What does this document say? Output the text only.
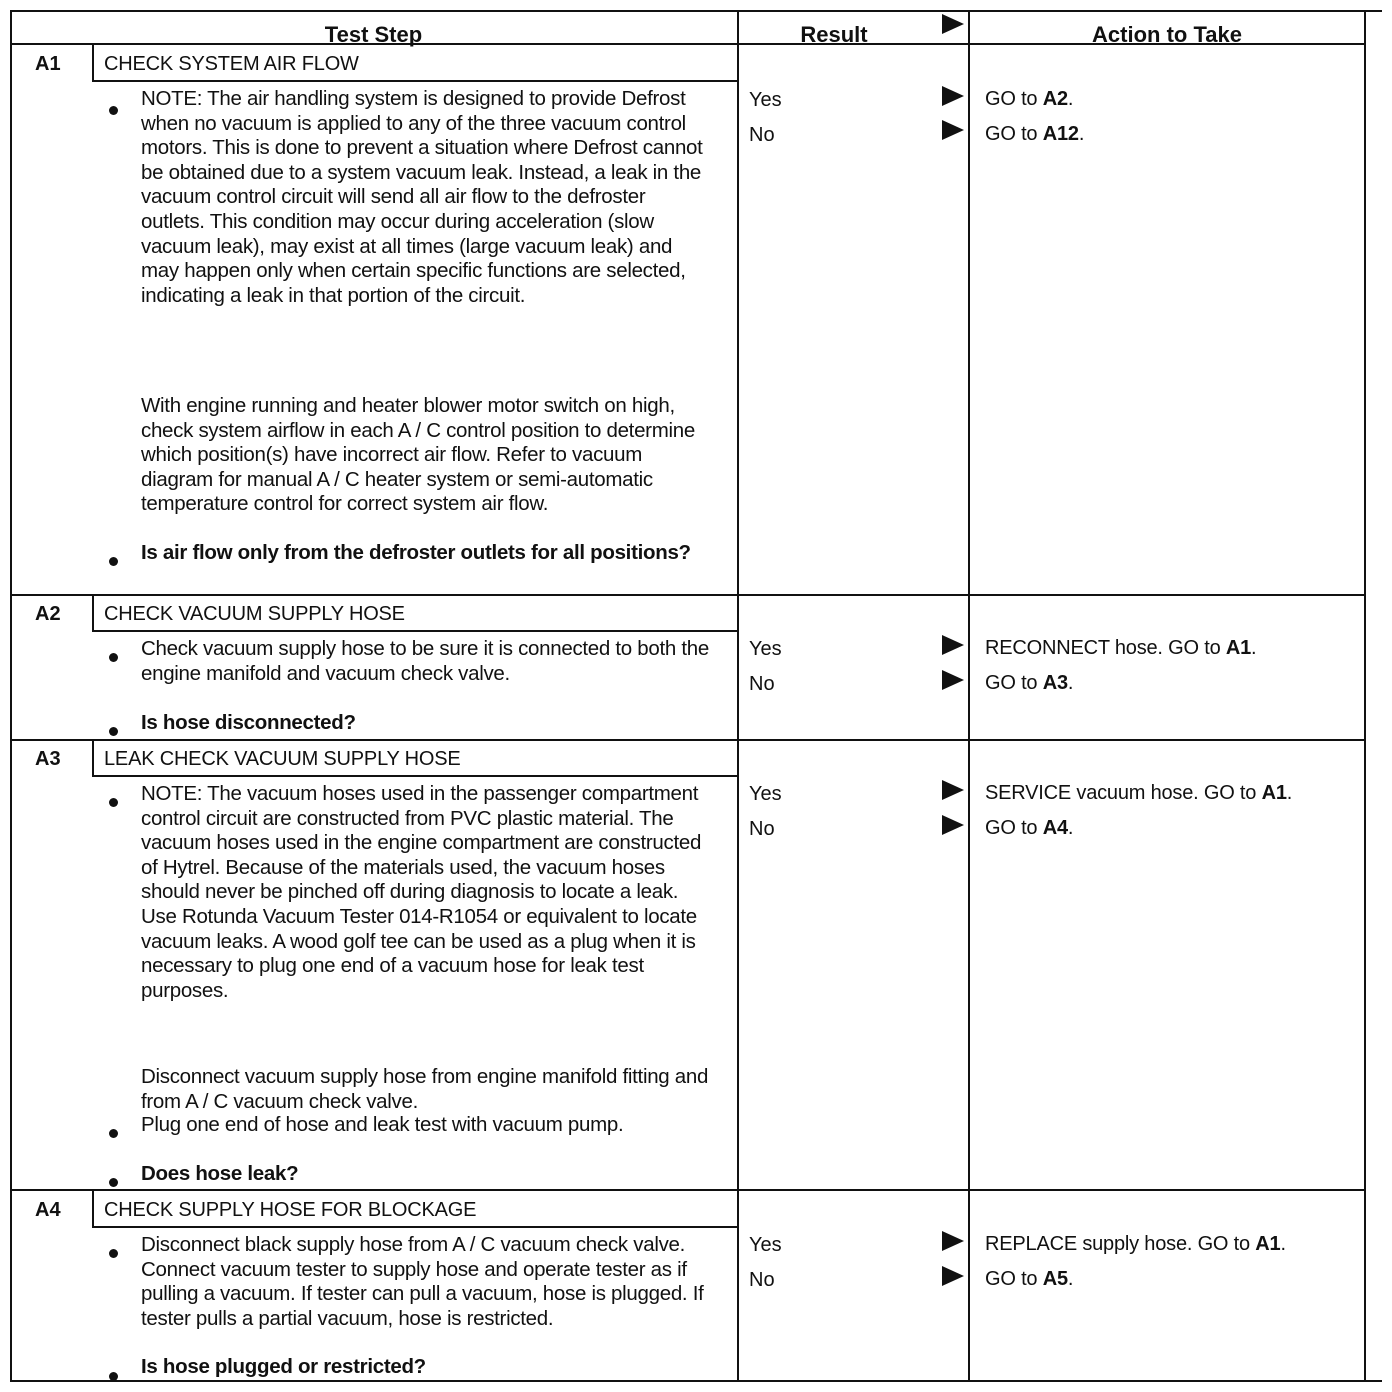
Test Step	Result	Action to Take
A1 CHECK SYSTEM AIR FLOW

NOTE: The air handling system is designed to provide Defrost when no vacuum is applied to any of the three vacuum control motors. This is done to prevent a situation where Defrost cannot be obtained due to a system vacuum leak. Instead, a leak in the vacuum control circuit will send all air flow to the defroster outlets. This condition may occur during acceleration (slow vacuum leak), may exist at all times (large vacuum leak) and may happen only when certain specific functions are selected, indicating a leak in that portion of the circuit.

With engine running and heater blower motor switch on high, check system airflow in each A / C control position to determine which position(s) have incorrect air flow. Refer to vacuum diagram for manual A / C heater system or semi-automatic temperature control for correct system air flow.

Is air flow only from the defroster outlets for all positions?

Yes	GO to A2.
No	GO to A12.
A2 CHECK VACUUM SUPPLY HOSE

Check vacuum supply hose to be sure it is connected to both the engine manifold and vacuum check valve.

Is hose disconnected?

Yes	RECONNECT hose. GO to A1.
No	GO to A3.
A3 LEAK CHECK VACUUM SUPPLY HOSE

NOTE: The vacuum hoses used in the passenger compartment control circuit are constructed from PVC plastic material. The vacuum hoses used in the engine compartment are constructed of Hytrel. Because of the materials used, the vacuum hoses should never be pinched off during diagnosis to locate a leak. Use Rotunda Vacuum Tester 014-R1054 or equivalent to locate vacuum leaks. A wood golf tee can be used as a plug when it is necessary to plug one end of a vacuum hose for leak test purposes.

Disconnect vacuum supply hose from engine manifold fitting and from A / C vacuum check valve.

Plug one end of hose and leak test with vacuum pump.

Does hose leak?

Yes	SERVICE vacuum hose. GO to A1.
No	GO to A4.
A4 CHECK SUPPLY HOSE FOR BLOCKAGE

Disconnect black supply hose from A / C vacuum check valve. Connect vacuum tester to supply hose and operate tester as if pulling a vacuum. If tester can pull a vacuum, hose is plugged. If tester pulls a partial vacuum, hose is restricted.

Is hose plugged or restricted?

Yes	REPLACE supply hose. GO to A1.
No	GO to A5.
